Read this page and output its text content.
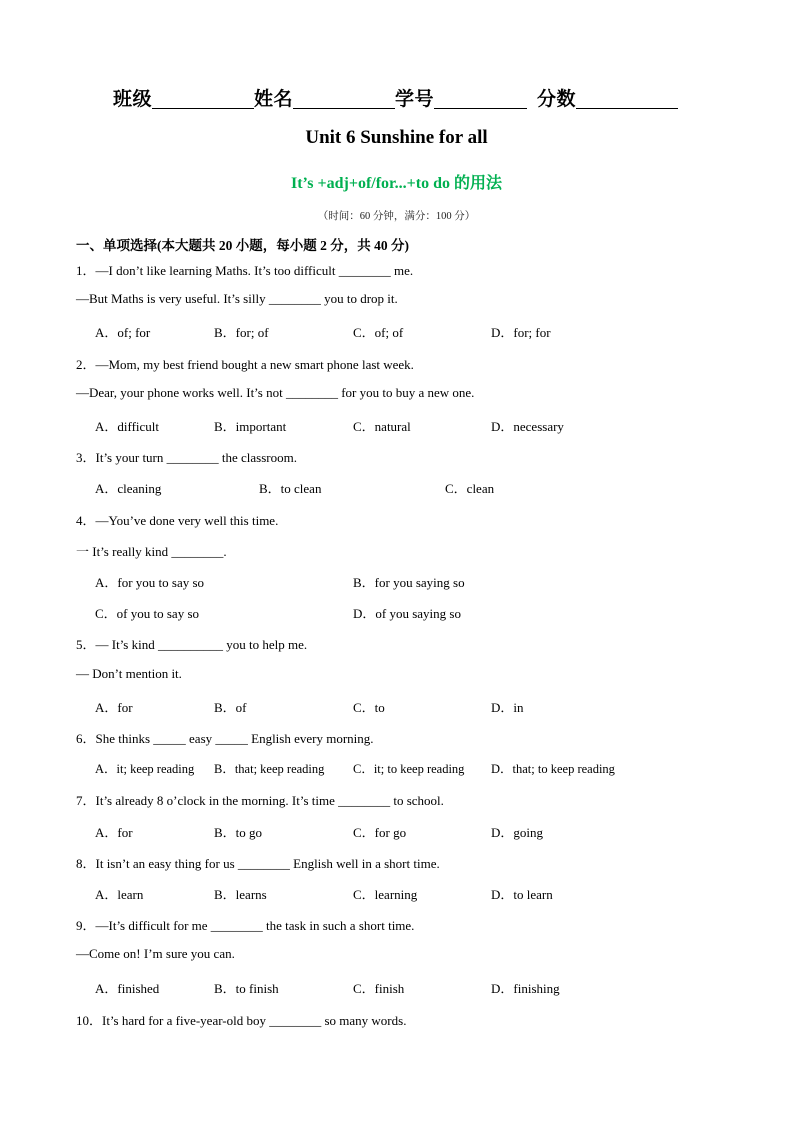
班级	姓名	学号	分数
Unit 6 Sunshine for all
It’s +adj+of/for...+to do 的用法
（时间：60 分钟，满分：100 分）
一、单项选择(本大题共 20 小题，每小题 2 分，共 40 分)
1．—I don’t like learning Maths. It’s too difficult ________ me.
—But Maths is very useful. It’s silly ________ you to drop it.
A．of; for	B．for; of	C．of; of	D．for; for
2．—Mom, my best friend bought a new smart phone last week.
—Dear, your phone works well. It’s not ________ for you to buy a new one.
A．difficult	B．important	C．natural	D．necessary
3．It’s your turn ________ the classroom.
A．cleaning	B．to clean	C．clean
4．—You’ve done very well this time.
一 It’s really kind ________.
A．for you to say so	B．for you saying so
C．of you to say so	D．of you saying so
5．— It’s kind __________ you to help me.
— Don’t mention it.
A．for	B．of	C．to	D．in
6．She thinks _____ easy _____ English every morning.
A．it; keep reading B．that; keep reading C．it; to keep reading D．that; to keep reading
7．It’s already 8 o’clock in the morning. It’s time ________ to school.
A．for	B．to go	C．for go	D．going
8．It isn’t an easy thing for us ________ English well in a short time.
A．learn	B．learns	C．learning	D．to learn
9．—It’s difficult for me ________ the task in such a short time.
—Come on! I’m sure you can.
A．finished	B．to finish	C．finish	D．finishing
10．It’s hard for a five-year-old boy ________ so many words.
